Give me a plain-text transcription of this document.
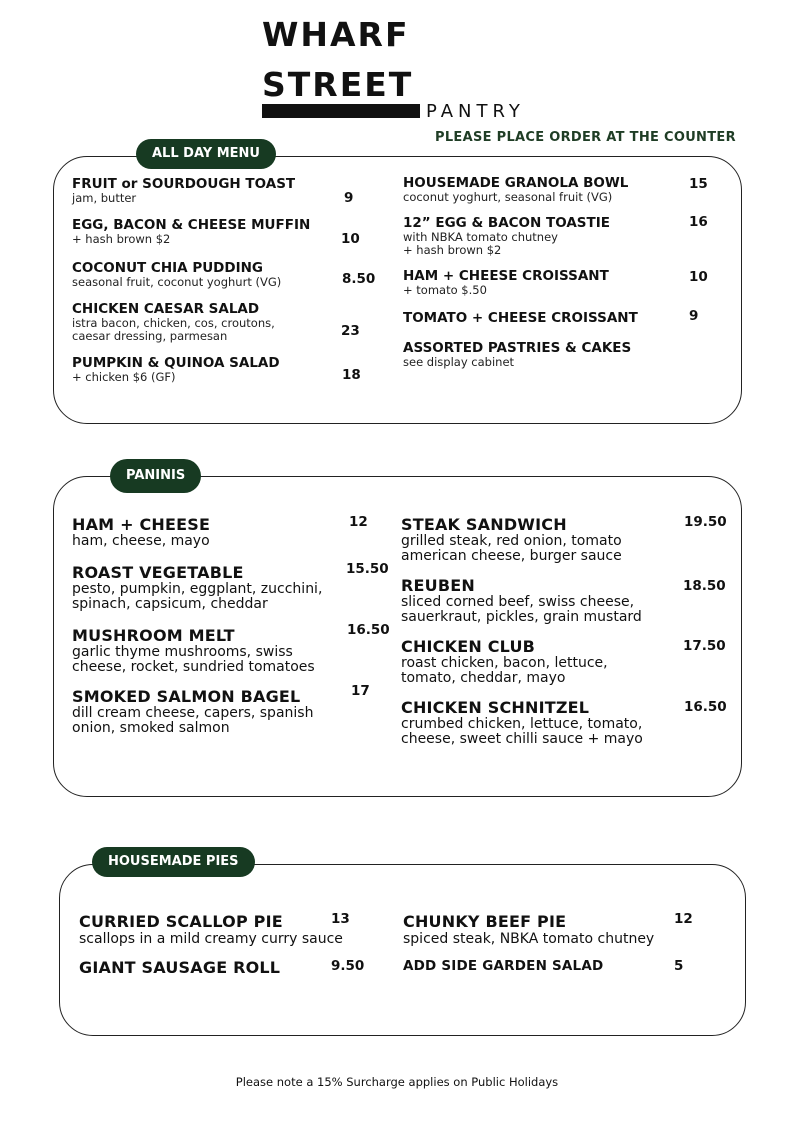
WHARF
STREET
PANTRY
PLEASE PLACE ORDER AT THE COUNTER
ALL DAY MENU
FRUIT or SOURDOUGH TOAST
jam, butter	9
EGG, BACON & CHEESE MUFFIN
+ hash brown $2	10
COCONUT CHIA PUDDING
seasonal fruit, coconut yoghurt (VG)	8.50
CHICKEN CAESAR SALAD
istra bacon, chicken, cos, croutons,
caesar dressing, parmesan	23
PUMPKIN & QUINOA SALAD
+ chicken $6 (GF)	18
HOUSEMADE GRANOLA BOWL
coconut yoghurt, seasonal fruit (VG)
15
12” EGG & BACON TOASTIE
with NBKA tomato chutney
+ hash brown $2
16
HAM + CHEESE CROISSANT
+ tomato $.50
10
TOMATO + CHEESE CROISSANT	9
ASSORTED PASTRIES & CAKES
see display cabinet
PANINIS
HAM + CHEESE
ham, cheese, mayo
12
ROAST VEGETABLE
pesto, pumpkin, eggplant, zucchini,
spinach, capsicum, cheddar
15.50
MUSHROOM MELT
garlic thyme mushrooms, swiss
cheese, rocket, sundried tomatoes
16.50
SMOKED SALMON BAGEL
dill cream cheese, capers, spanish
onion, smoked salmon
17
STEAK SANDWICH
grilled steak, red onion, tomato
american cheese, burger sauce
19.50
REUBEN
sliced corned beef, swiss cheese,
sauerkraut, pickles, grain mustard
18.50
CHICKEN CLUB
roast chicken, bacon, lettuce,
tomato, cheddar, mayo
17.50
CHICKEN SCHNITZEL
crumbed chicken, lettuce, tomato,
cheese, sweet chilli sauce + mayo
16.50
HOUSEMADE PIES
CURRIED SCALLOP PIE
scallops in a mild creamy curry sauce
13
GIANT SAUSAGE ROLL	9.50
CHUNKY BEEF PIE
spiced steak, NBKA tomato chutney
12
ADD SIDE GARDEN SALAD	5
Please note a 15% Surcharge applies on Public Holidays
